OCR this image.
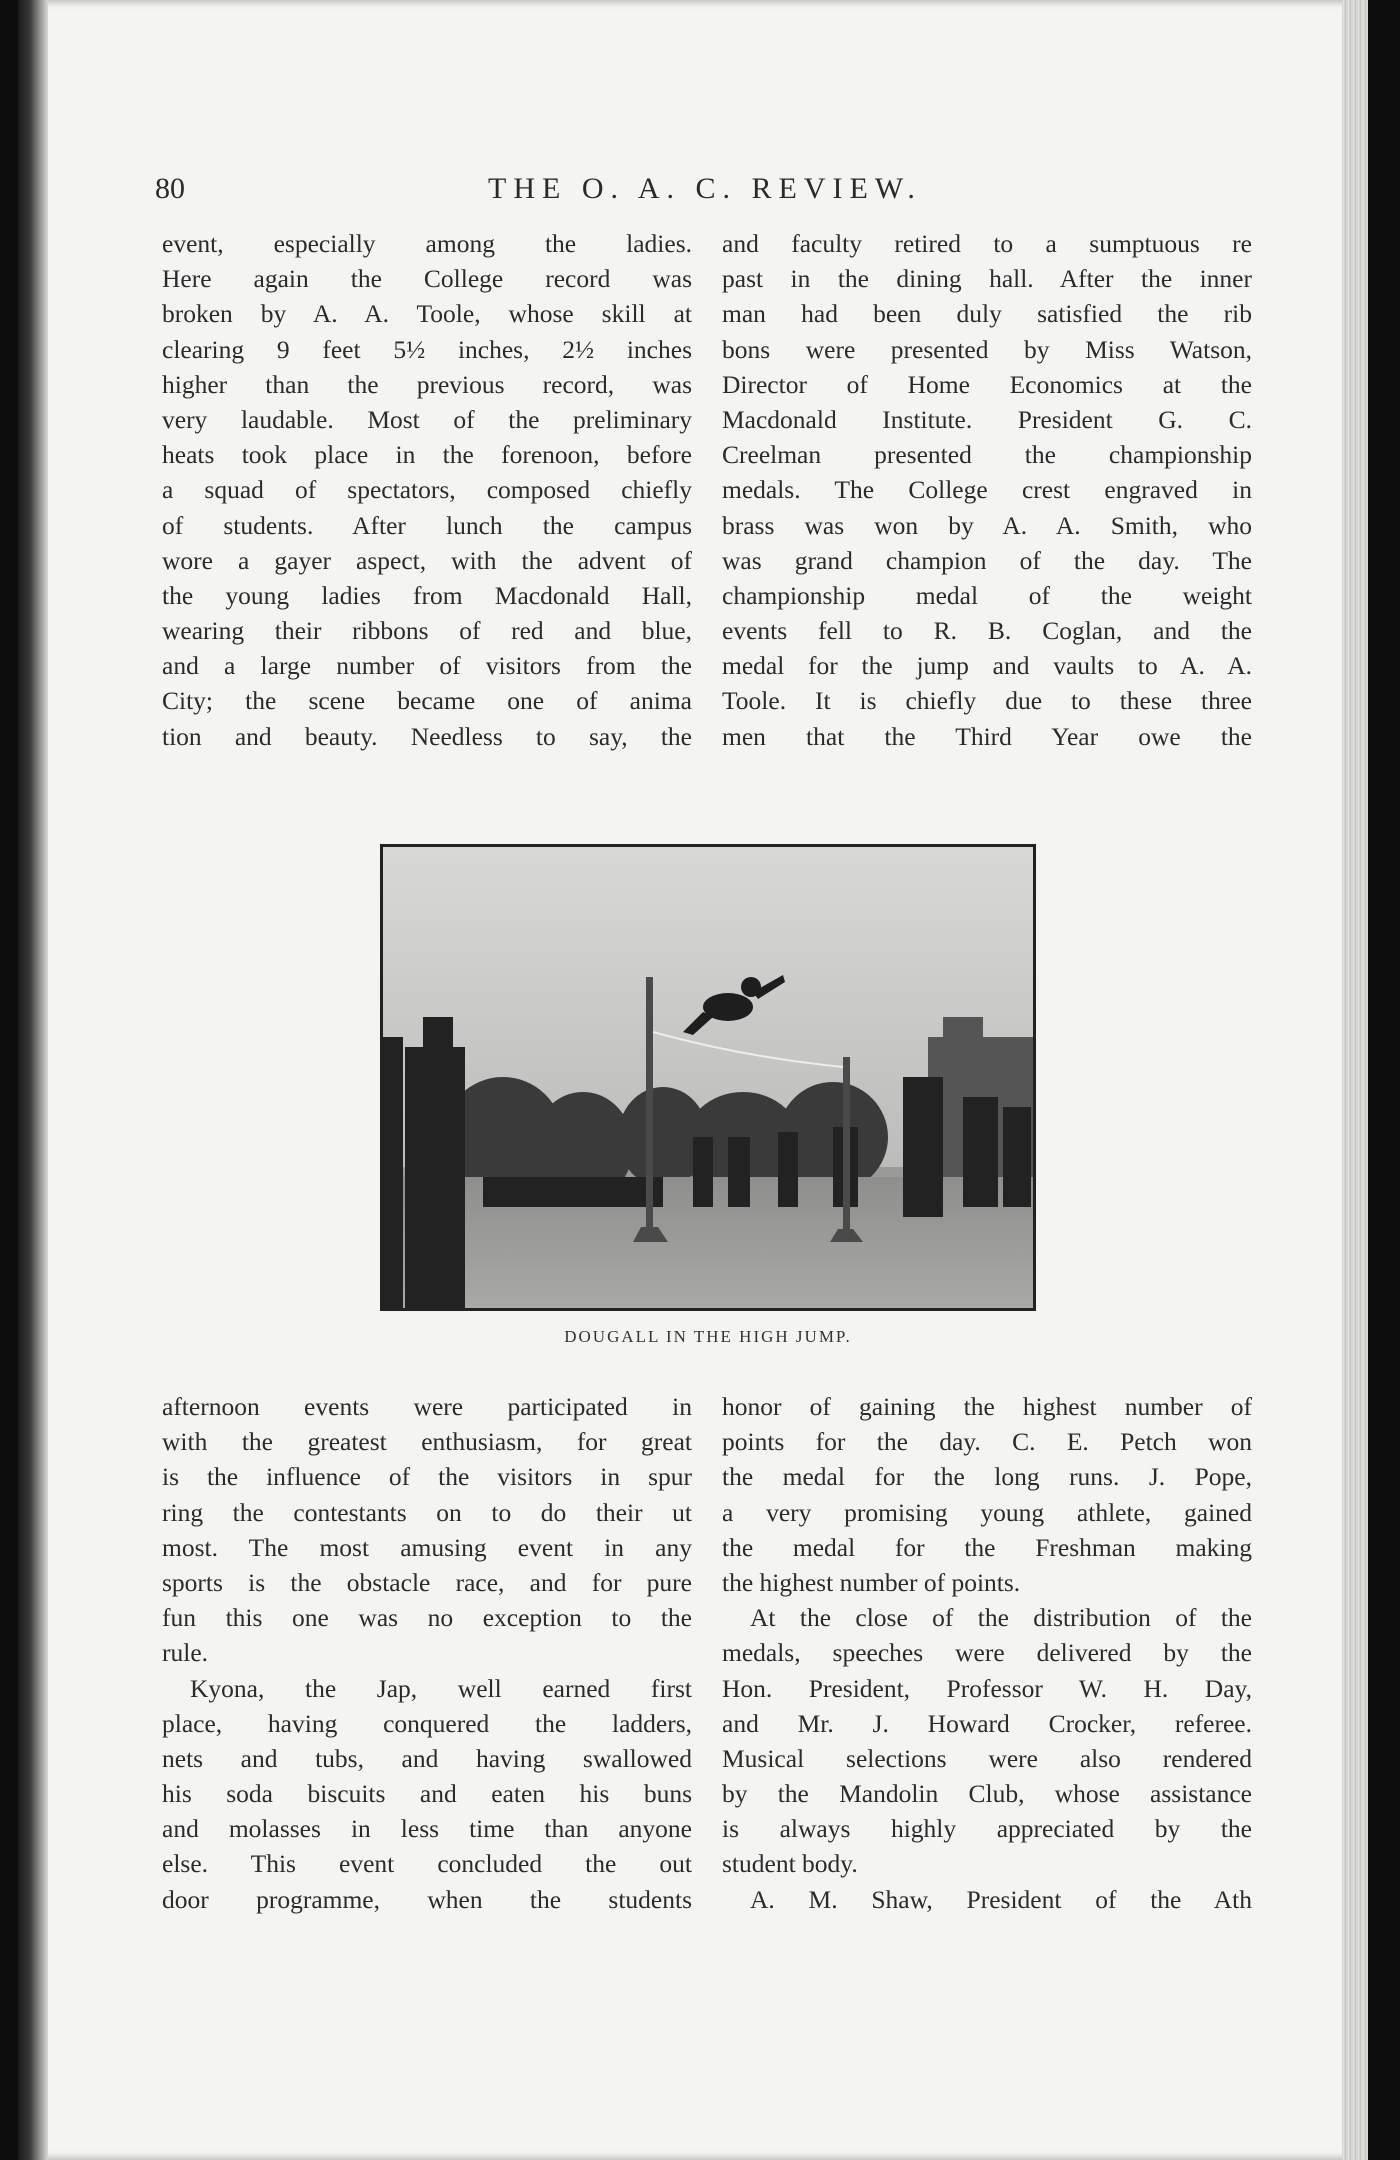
80	THE O. A. C. REVIEW.
event, especially among the ladies.
Here again the College record was
broken by A. A. Toole, whose skill at
clearing 9 feet 5½ inches, 2½ inches
higher than the previous record, was
very laudable. Most of the preliminary
heats took place in the forenoon, before
a squad of spectators, composed chiefly
of students. After lunch the campus
wore a gayer aspect, with the advent of
the young ladies from Macdonald Hall,
wearing their ribbons of red and blue,
and a large number of visitors from the
City; the scene became one of anima
tion and beauty. Needless to say, the
and faculty retired to a sumptuous re
past in the dining hall. After the inner
man had been duly satisfied the rib
bons were presented by Miss Watson,
Director of Home Economics at the
Macdonald Institute. President G. C.
Creelman presented the championship
medals. The College crest engraved in
brass was won by A. A. Smith, who
was grand champion of the day. The
championship medal of the weight
events fell to R. B. Coglan, and the
medal for the jump and vaults to A. A.
Toole. It is chiefly due to these three
men that the Third Year owe the
DOUGALL IN THE HIGH JUMP.
afternoon events were participated in
with the greatest enthusiasm, for great
is the influence of the visitors in spur
ring the contestants on to do their ut
most. The most amusing event in any
sports is the obstacle race, and for pure
fun this one was no exception to the
rule.
Kyona, the Jap, well earned first
place, having conquered the ladders,
nets and tubs, and having swallowed
his soda biscuits and eaten his buns
and molasses in less time than anyone
else. This event concluded the out
door programme, when the students
honor of gaining the highest number of
points for the day. C. E. Petch won
the medal for the long runs. J. Pope,
a very promising young athlete, gained
the medal for the Freshman making
the highest number of points.
At the close of the distribution of the
medals, speeches were delivered by the
Hon. President, Professor W. H. Day,
and Mr. J. Howard Crocker, referee.
Musical selections were also rendered
by the Mandolin Club, whose assistance
is always highly appreciated by the
student body.
A. M. Shaw, President of the Ath
